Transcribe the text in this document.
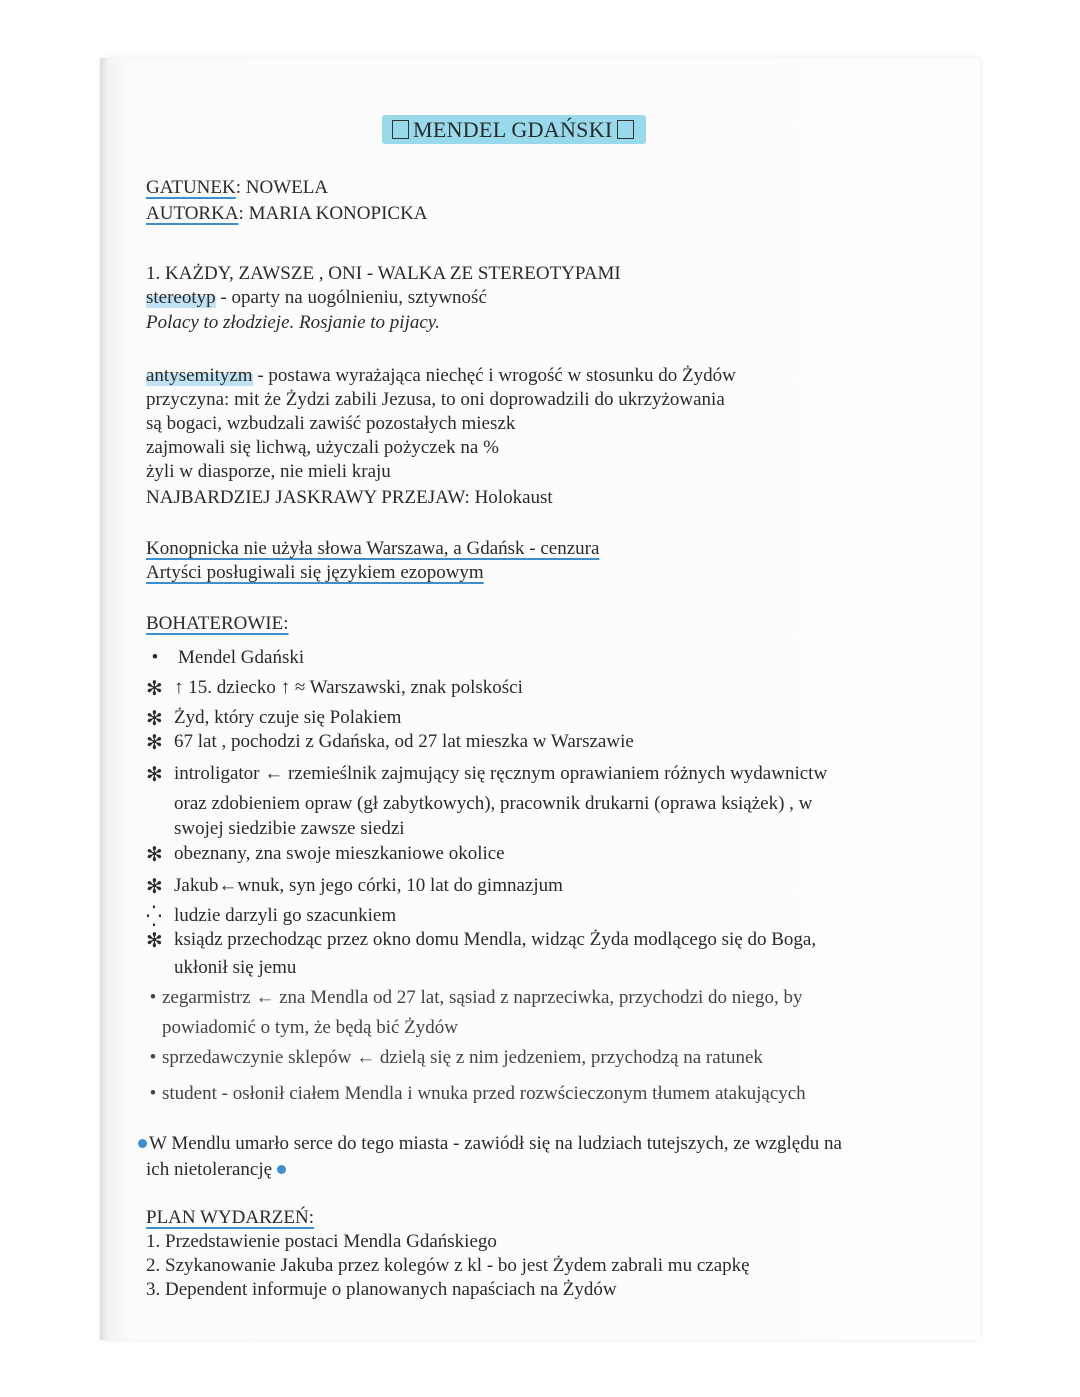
MENDEL GDAŃSKI
GATUNEK: NOWELA
AUTORKA: MARIA KONOPICKA
1. KAŻDY, ZAWSZE , ONI - WALKA ZE STEREOTYPAMI
stereotyp - oparty na uogólnieniu, sztywność
Polacy to złodzieje. Rosjanie to pijacy.
antysemityzm - postawa wyrażająca niechęć i wrogość w stosunku do Żydów
przyczyna: mit że Żydzi zabili Jezusa, to oni doprowadzili do ukrzyżowania
są bogaci, wzbudzali zawiść pozostałych mieszk
zajmowali się lichwą, użyczali pożyczek na %
żyli w diasporze, nie mieli kraju
NAJBARDZIEJ JASKRAWY PRZEJAW: Holokaust
Konopnicka nie użyła słowa Warszawa, a Gdańsk - cenzura
Artyści posługiwali się językiem ezopowym
BOHATEROWIE:
• Mendel Gdański
✻ ↑ 15. dziecko ↑ ≈ Warszawski, znak polskości
✻ Żyd, który czuje się Polakiem
✻ 67 lat , pochodzi z Gdańska, od 27 lat mieszka w Warszawie
✻ introligator ← rzemieślnik zajmujący się ręcznym oprawianiem różnych wydawnictw
oraz zdobieniem opraw (gł zabytkowych), pracownik drukarni (oprawa książek) , w
swojej siedzibie zawsze siedzi
✻ obeznany, zna swoje mieszkaniowe okolice
✻ Jakub←wnuk, syn jego córki, 10 lat do gimnazjum
⁛ ludzie darzyli go szacunkiem
✻ ksiądz przechodząc przez okno domu Mendla, widząc Żyda modlącego się do Boga,
ukłonił się jemu
• zegarmistrz ← zna Mendla od 27 lat, sąsiad z naprzeciwka, przychodzi do niego, by
powiadomić o tym, że będą bić Żydów
• sprzedawczynie sklepów ← dzielą się z nim jedzeniem, przychodzą na ratunek
• student - osłonił ciałem Mendla i wnuka przed rozwścieczonym tłumem atakujących
W Mendlu umarło serce do tego miasta - zawiódł się na ludziach tutejszych, ze względu na
ich nietolerancję
PLAN WYDARZEŃ:
1. Przedstawienie postaci Mendla Gdańskiego
2. Szykanowanie Jakuba przez kolegów z kl - bo jest Żydem zabrali mu czapkę
3. Dependent informuje o planowanych napaściach na Żydów
